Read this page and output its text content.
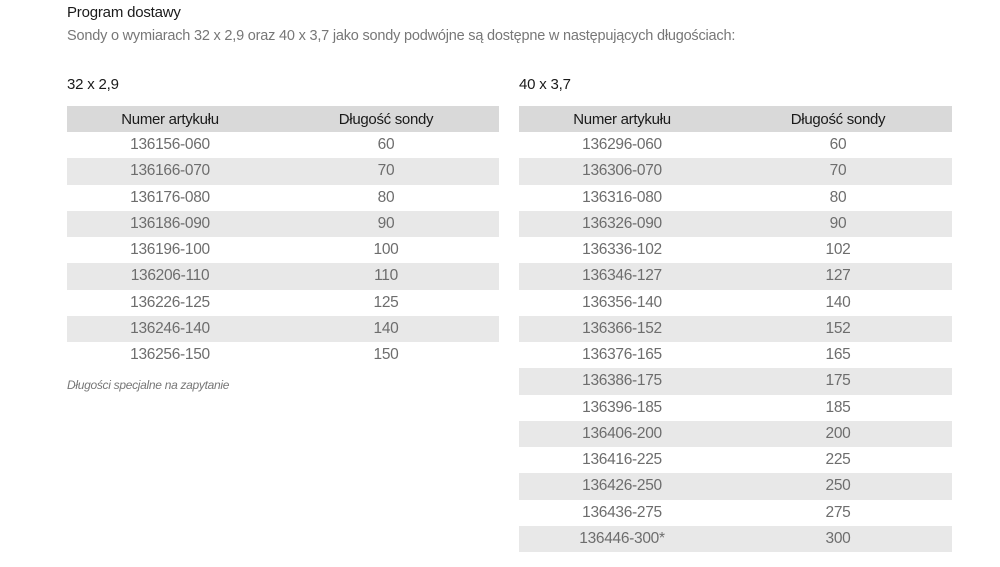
Program dostawy
Sondy o wymiarach 32 x 2,9 oraz 40 x 3,7 jako sondy podwójne są dostępne w następujących długościach:
32 x 2,9	40 x 3,7
Numer artykułu	Długość sondy
136156-060	60
136166-070	70
136176-080	80
136186-090	90
136196-100	100
136206-110	110
136226-125	125
136246-140	140
136256-150	150
Numer artykułu	Długość sondy
136296-060	60
136306-070	70
136316-080	80
136326-090	90
136336-102	102
136346-127	127
136356-140	140
136366-152	152
136376-165	165
136386-175	175
136396-185	185
136406-200	200
136416-225	225
136426-250	250
136436-275	275
136446-300*	300
Długości specjalne na zapytanie
